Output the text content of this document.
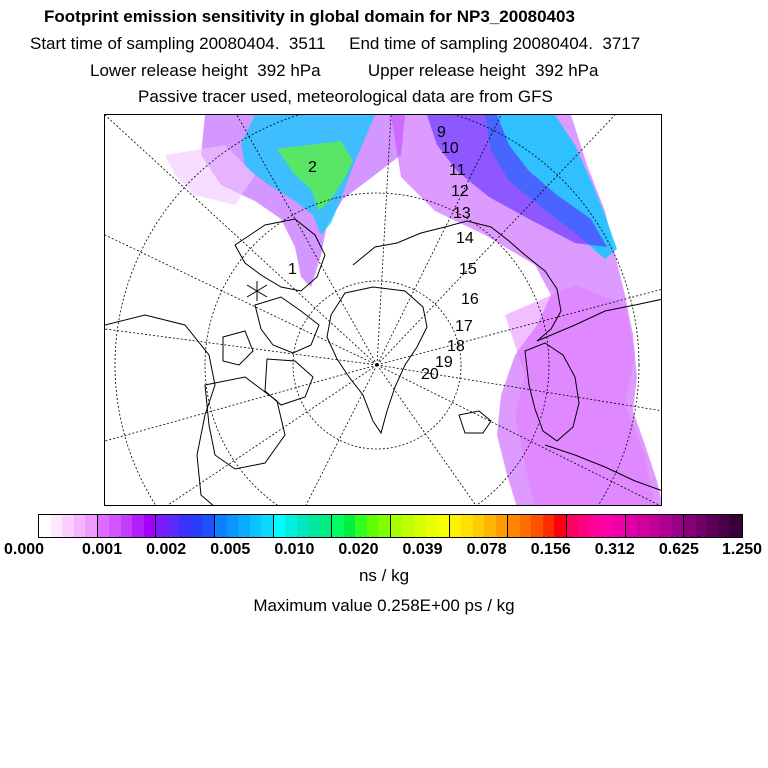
Footprint emission sensitivity in global domain for NP3_20080403
Start time of sampling 20080404.  3511     End time of sampling 20080404.  3717
Lower release height  392 hPa          Upper release height  392 hPa
Passive tracer used, meteorological data are from GFS
1
2
9
10
11
12
13
14
15
16
17
18
19
20
0.000 0.001 0.002 0.005 0.010 0.020 0.039 0.078 0.156 0.312 0.625 1.250
ns / kg
Maximum value 0.258E+00 ps / kg
